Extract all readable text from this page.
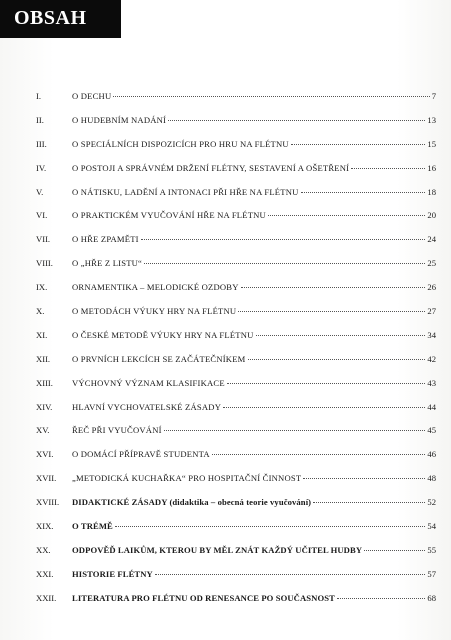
OBSAH
I.	O DECHU	7
II.	O HUDEBNÍM NADÁNÍ	13
III.	O SPECIÁLNÍCH DISPOZICÍCH PRO HRU NA FLÉTNU	15
IV.	O POSTOJI A SPRÁVNÉM DRŽENÍ FLÉTNY, SESTAVENÍ A OŠETŘENÍ	16
V.	O NÁTISKU, LADĚNÍ A INTONACI PŘI HŘE NA FLÉTNU	18
VI.	O PRAKTICKÉM VYUČOVÁNÍ HŘE NA FLÉTNU	20
VII.	O HŘE ZPAMĚTI	24
VIII.	O „HŘE Z LISTU“	25
IX.	ORNAMENTIKA – MELODICKÉ OZDOBY	26
X.	O METODÁCH VÝUKY HRY NA FLÉTNU	27
XI.	O ČESKÉ METODĚ VÝUKY HRY NA FLÉTNU	34
XII.	O PRVNÍCH LEKCÍCH SE ZAČÁTEČNÍKEM	42
XIII.	VÝCHOVNÝ VÝZNAM KLASIFIKACE	43
XIV.	HLAVNÍ VYCHOVATELSKÉ ZÁSADY	44
XV.	ŘEČ PŘI VYUČOVÁNÍ	45
XVI.	O DOMÁCÍ PŘÍPRAVĚ STUDENTA	46
XVII.	„METODICKÁ KUCHAŘKA“ PRO HOSPITAČNÍ ČINNOST	48
XVIII.	DIDAKTICKÉ ZÁSADY (didaktika – obecná teorie vyučování)	52
XIX.	O TRÉMĚ	54
XX.	ODPOVĚĎ LAIKŮM, KTEROU BY MĚL ZNÁT KAŽDÝ UČITEL HUDBY	55
XXI.	HISTORIE FLÉTNY	57
XXII.	LITERATURA PRO FLÉTNU OD RENESANCE PO SOUČASNOST	68
